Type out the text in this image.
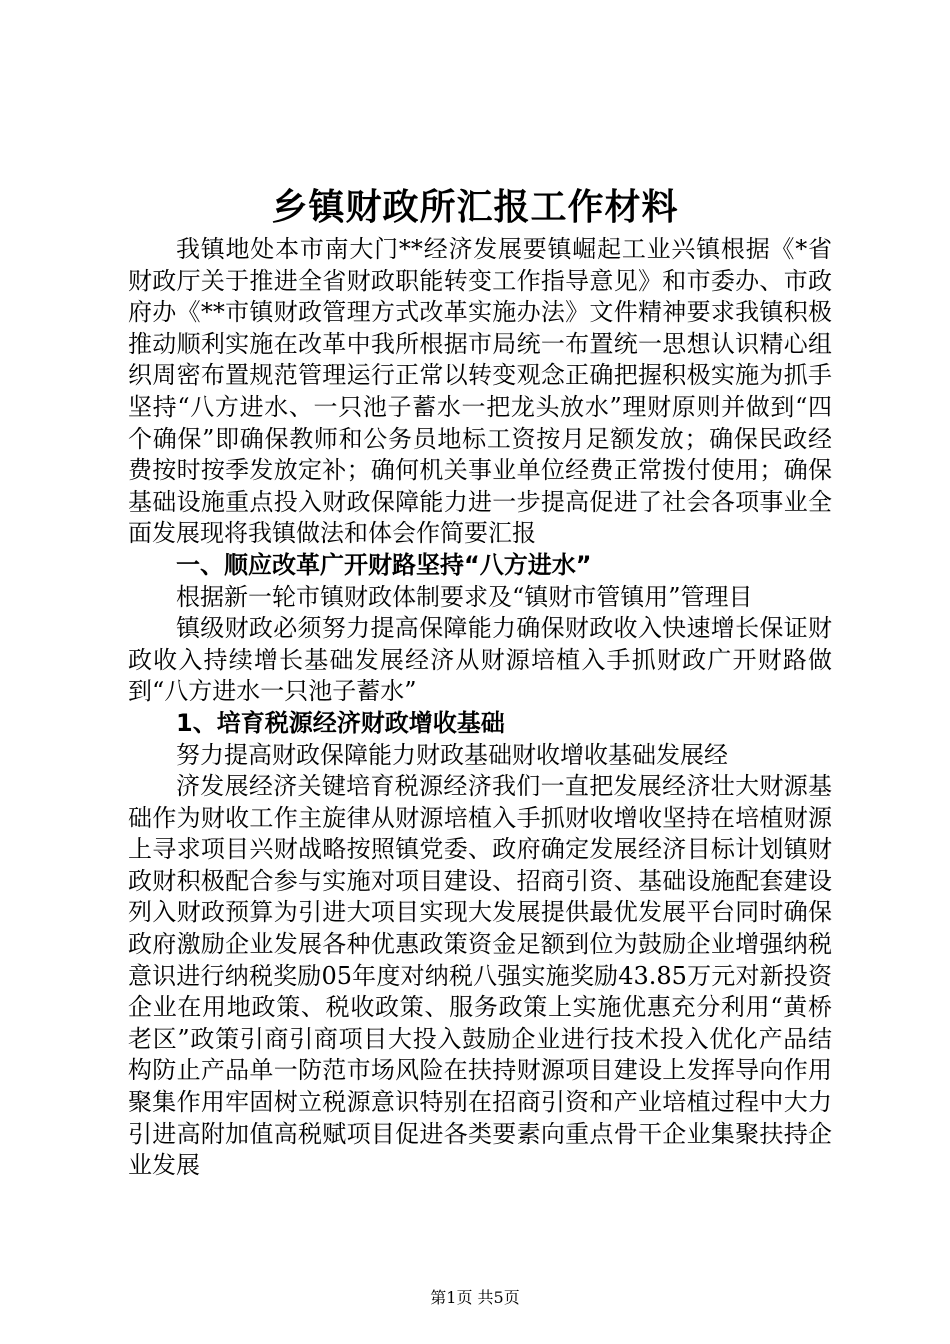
乡镇财政所汇报工作材料

我镇地处本市南大门**经济发展要镇崛起工业兴镇根据《*省财政厅关于推进全省财政职能转变工作指导意见》和市委办、市政府办《**市镇财政管理方式改革实施办法》文件精神要求我镇积极推动顺利实施在改革中我所根据市局统一布置统一思想认识精心组织周密布置规范管理运行正常以转变观念正确把握积极实施为抓手坚持“八方进水、一只池子蓄水一把龙头放水”理财原则并做到“四个确保”即确保教师和公务员地标工资按月足额发放；确保民政经费按时按季发放定补；确何机关事业单位经费正常拨付使用；确保基础设施重点投入财政保障能力进一步提高促进了社会各项事业全面发展现将我镇做法和体会作简要汇报

一、顺应改革广开财路坚持“八方进水”

根据新一轮市镇财政体制要求及“镇财市管镇用”管理目

镇级财政必须努力提高保障能力确保财政收入快速增长保证财政收入持续增长基础发展经济从财源培植入手抓财政广开财路做到“八方进水一只池子蓄水”

1、培育税源经济财政增收基础

努力提高财政保障能力财政基础财收增收基础发展经

济发展经济关键培育税源经济我们一直把发展经济壮大财源基础作为财收工作主旋律从财源培植入手抓财收增收坚持在培植财源上寻求项目兴财战略按照镇党委、政府确定发展经济目标计划镇财政财积极配合参与实施对项目建设、招商引资、基础设施配套建设列入财政预算为引进大项目实现大发展提供最优发展平台同时确保政府激励企业发展各种优惠政策资金足额到位为鼓励企业增强纳税意识进行纳税奖励05年度对纳税八强实施奖励43.85万元对新投资企业在用地政策、税收政策、服务政策上实施优惠充分利用“黄桥老区”政策引商引商项目大投入鼓励企业进行技术投入优化产品结构防止产品单一防范市场风险在扶持财源项目建设上发挥导向作用聚集作用牢固树立税源意识特别在招商引资和产业培植过程中大力引进高附加值高税赋项目促进各类要素向重点骨干企业集聚扶持企业发展

第1页 共5页
